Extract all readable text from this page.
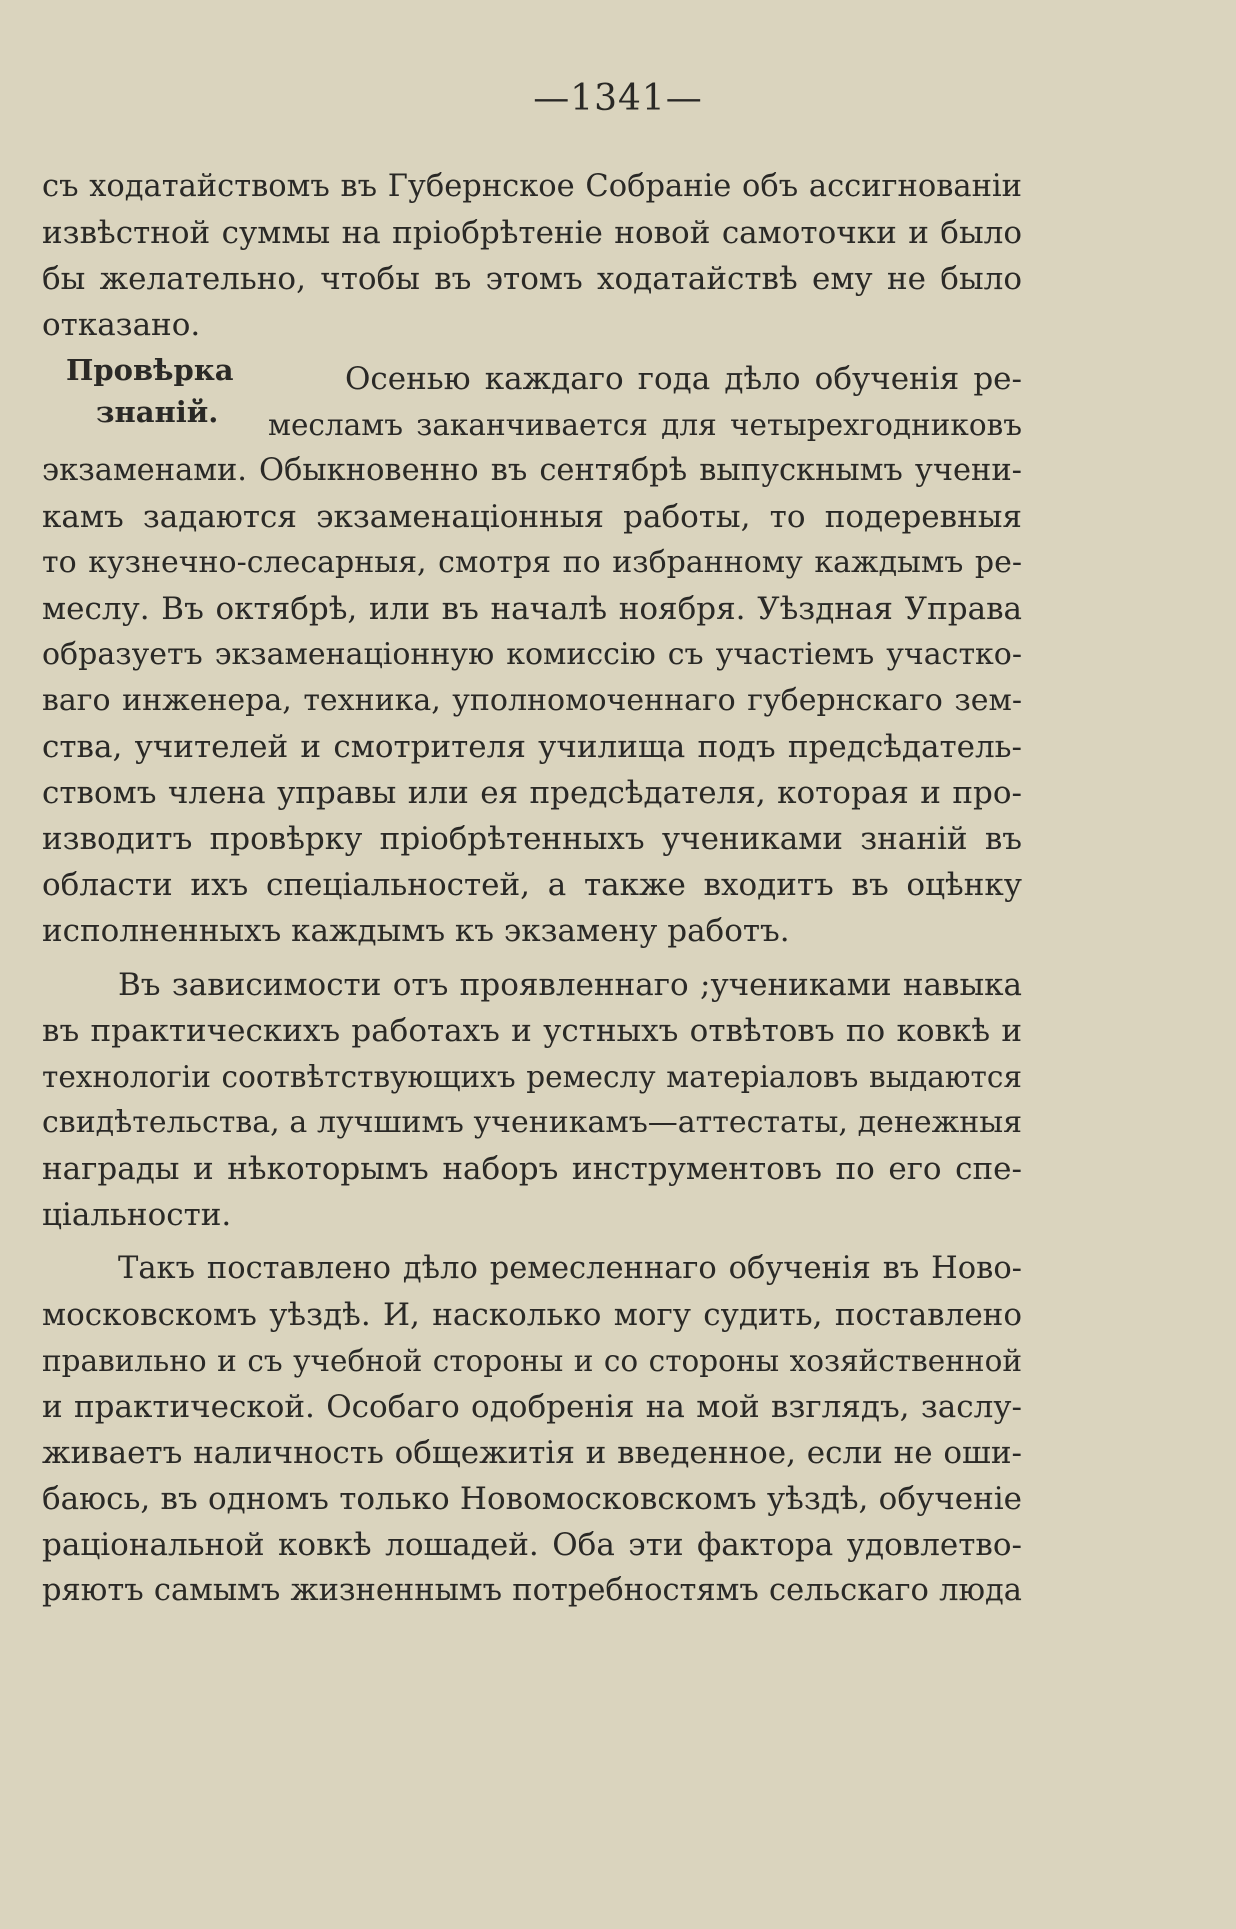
—1341—
Провѣрка
знаній.
съ ходатайствомъ въ Губернское Собраніе объ ассигнованіи
извѣстной суммы на пріобрѣтеніе новой самоточки и было
бы желательно, чтобы въ этомъ ходатайствѣ ему не было
отказано.
Осенью каждаго года дѣло обученія ре-
месламъ заканчивается для четырехгодниковъ
экзаменами. Обыкновенно въ сентябрѣ выпускнымъ учени-
камъ задаются экзаменаціонныя работы, то подеревныя
то кузнечно-слесарныя, смотря по избранному каждымъ ре-
меслу. Въ октябрѣ, или въ началѣ ноября. Уѣздная Управа
образуетъ экзаменаціонную комиссію съ участіемъ участко-
ваго инженера, техника, уполномоченнаго губернскаго зем-
ства, учителей и смотрителя училища подъ предсѣдатель-
ствомъ члена управы или ея предсѣдателя, которая и про-
изводитъ провѣрку пріобрѣтенныхъ учениками знаній въ
области ихъ спеціальностей, а также входитъ въ оцѣнку
исполненныхъ каждымъ къ экзамену работъ.
Въ зависимости отъ проявленнаго ;учениками навыка
въ практическихъ работахъ и устныхъ отвѣтовъ по ковкѣ и
технологіи соотвѣтствующихъ ремеслу матеріаловъ выдаются
свидѣтельства, а лучшимъ ученикамъ—аттестаты, денежныя
награды и нѣкоторымъ наборъ инструментовъ по его спе-
ціальности.
Такъ поставлено дѣло ремесленнаго обученія въ Ново-
московскомъ уѣздѣ. И, насколько могу судить, поставлено
правильно и съ учебной стороны и со стороны хозяйственной
и практической. Особаго одобренія на мой взглядъ, заслу-
живаетъ наличность общежитія и введенное, если не оши-
баюсь, въ одномъ только Новомосковскомъ уѣздѣ, обученіе
раціональной ковкѣ лошадей. Оба эти фактора удовлетво-
ряютъ самымъ жизненнымъ потребностямъ сельскаго люда
